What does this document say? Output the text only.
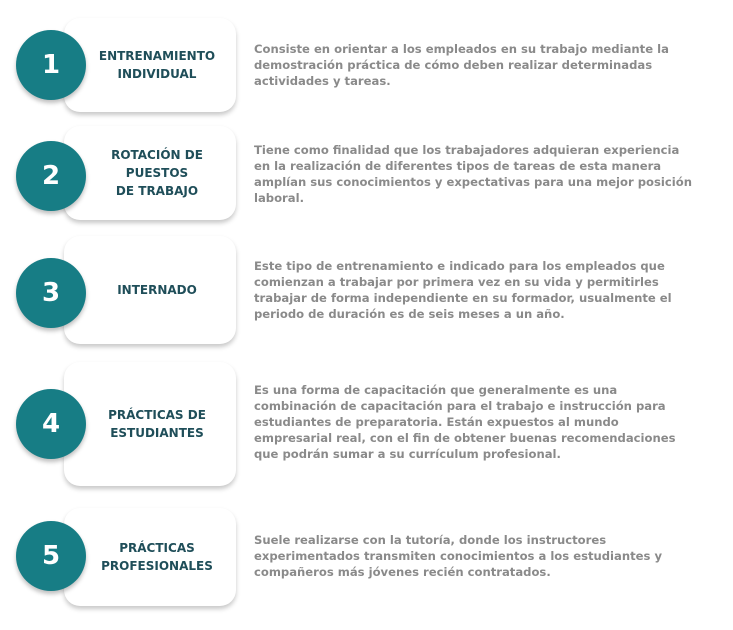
ENTRENAMIENTO
INDIVIDUAL
1
Consiste en orientar a los empleados en su trabajo mediante la demostración práctica de cómo deben realizar determinadas actividades y tareas.
ROTACIÓN DE
PUESTOS
DE TRABAJO
2
Tiene como finalidad que los trabajadores adquieran experiencia en la realización de diferentes tipos de tareas de esta manera amplían sus conocimientos y expectativas para una mejor posición laboral.
INTERNADO
3
Este tipo de entrenamiento e indicado para los empleados que comienzan a trabajar por primera vez en su vida y permitirles trabajar de forma independiente en su formador, usualmente el periodo de duración es de seis meses a un año.
PRÁCTICAS DE
ESTUDIANTES
4
Es una forma de capacitación que generalmente es una combinación de capacitación para el trabajo e instrucción para estudiantes de preparatoria. Están expuestos al mundo empresarial real, con el fin de obtener buenas recomendaciones que podrán sumar a su currículum profesional.
PRÁCTICAS
PROFESIONALES
5
Suele realizarse con la tutoría, donde los instructores experimentados transmiten conocimientos a los estudiantes y compañeros más jóvenes recién contratados.
